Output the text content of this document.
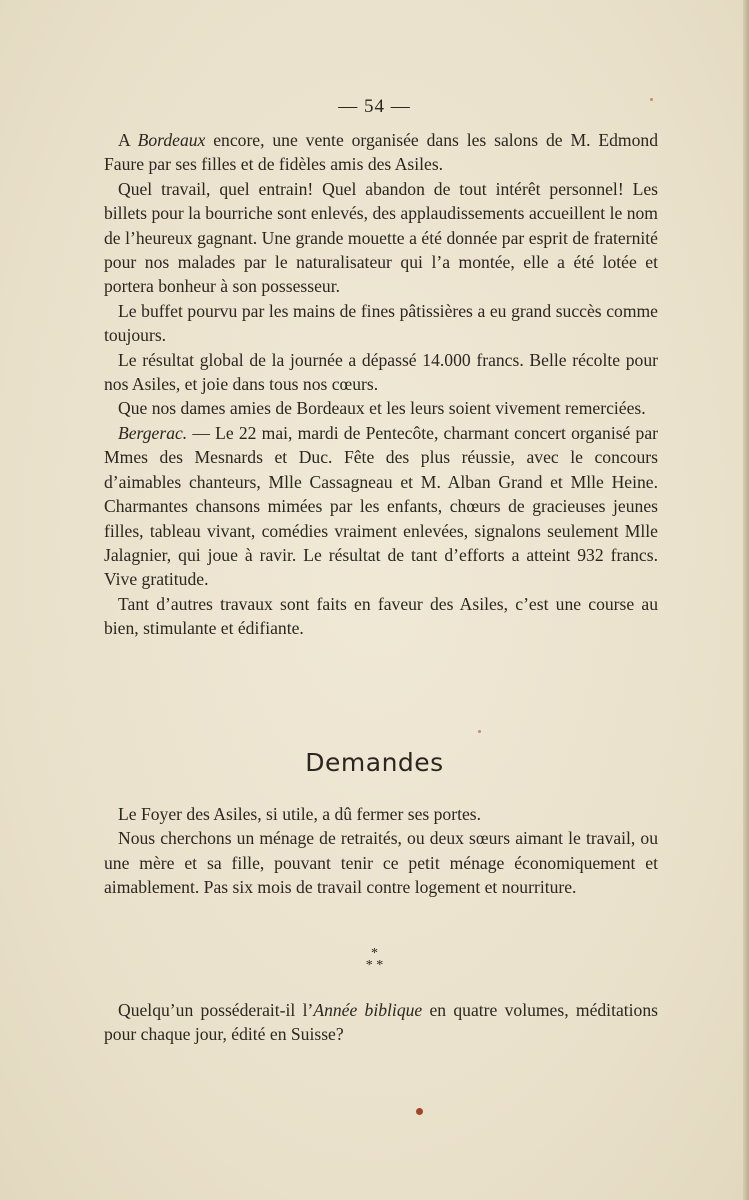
— 54 —

A Bordeaux encore, une vente organisée dans les salons de M. Edmond Faure par ses filles et de fidèles amis des Asiles.

Quel travail, quel entrain! Quel abandon de tout intérêt personnel! Les billets pour la bourriche sont enlevés, des applaudissements accueillent le nom de l’heureux gagnant. Une grande mouette a été donnée par esprit de fraternité pour nos malades par le naturalisateur qui l’a montée, elle a été lotée et portera bonheur à son possesseur.

Le buffet pourvu par les mains de fines pâtissières a eu grand succès comme toujours.

Le résultat global de la journée a dépassé 14.000 francs. Belle récolte pour nos Asiles, et joie dans tous nos cœurs.

Que nos dames amies de Bordeaux et les leurs soient vivement remerciées.

Bergerac. — Le 22 mai, mardi de Pentecôte, charmant concert organisé par Mmes des Mesnards et Duc. Fête des plus réussie, avec le concours d’aimables chanteurs, Mlle Cassagneau et M. Alban Grand et Mlle Heine. Charmantes chansons mimées par les enfants, chœurs de gracieuses jeunes filles, tableau vivant, comédies vraiment enlevées, signalons seulement Mlle Jalagnier, qui joue à ravir. Le résultat de tant d’efforts a atteint 932 francs. Vive gratitude.

Tant d’autres travaux sont faits en faveur des Asiles, c’est une course au bien, stimulante et édifiante.

Demandes

Le Foyer des Asiles, si utile, a dû fermer ses portes.

Nous cherchons un ménage de retraités, ou deux sœurs aimant le travail, ou une mère et sa fille, pouvant tenir ce petit ménage économiquement et aimablement. Pas six mois de travail contre logement et nourriture.

*
* *

Quelqu’un posséderait-il l’Année biblique en quatre volumes, méditations pour chaque jour, édité en Suisse?
